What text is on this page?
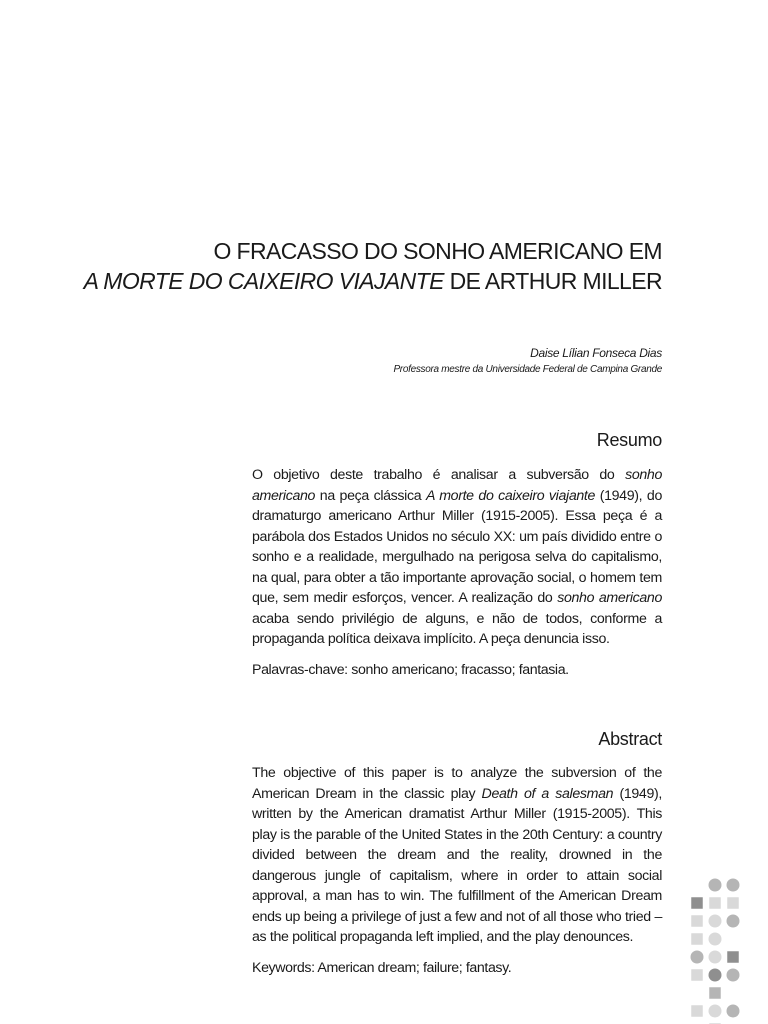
O FRACASSO DO SONHO AMERICANO EM
A MORTE DO CAIXEIRO VIAJANTE DE ARTHUR MILLER
Daise Lílian Fonseca Dias
Professora mestre da Universidade Federal de Campina Grande
Resumo

O objetivo deste trabalho é analisar a subversão do sonho americano na peça clássica A morte do caixeiro viajante (1949), do dramaturgo americano Arthur Miller (1915-2005). Essa peça é a parábola dos Estados Unidos no século XX: um país dividido entre o sonho e a realidade, mergulhado na perigosa selva do capitalismo, na qual, para obter a tão importante aprovação social, o homem tem que, sem medir esforços, vencer. A realização do sonho americano acaba sendo privilégio de alguns, e não de todos, conforme a propaganda política deixava implícito. A peça denuncia isso.

Palavras-chave: sonho americano; fracasso; fantasia.

Abstract

The objective of this paper is to analyze the subversion of the American Dream in the classic play Death of a salesman (1949), written by the American dramatist Arthur Miller (1915-2005). This play is the parable of the United States in the 20th Century: a country divided between the dream and the reality, drowned in the dangerous jungle of capitalism, where in order to attain social approval, a man has to win. The fulfillment of the American Dream ends up being a privilege of just a few and not of all those who tried – as the political propaganda left implied, and the play denounces.

Keywords: American dream; failure; fantasy.
